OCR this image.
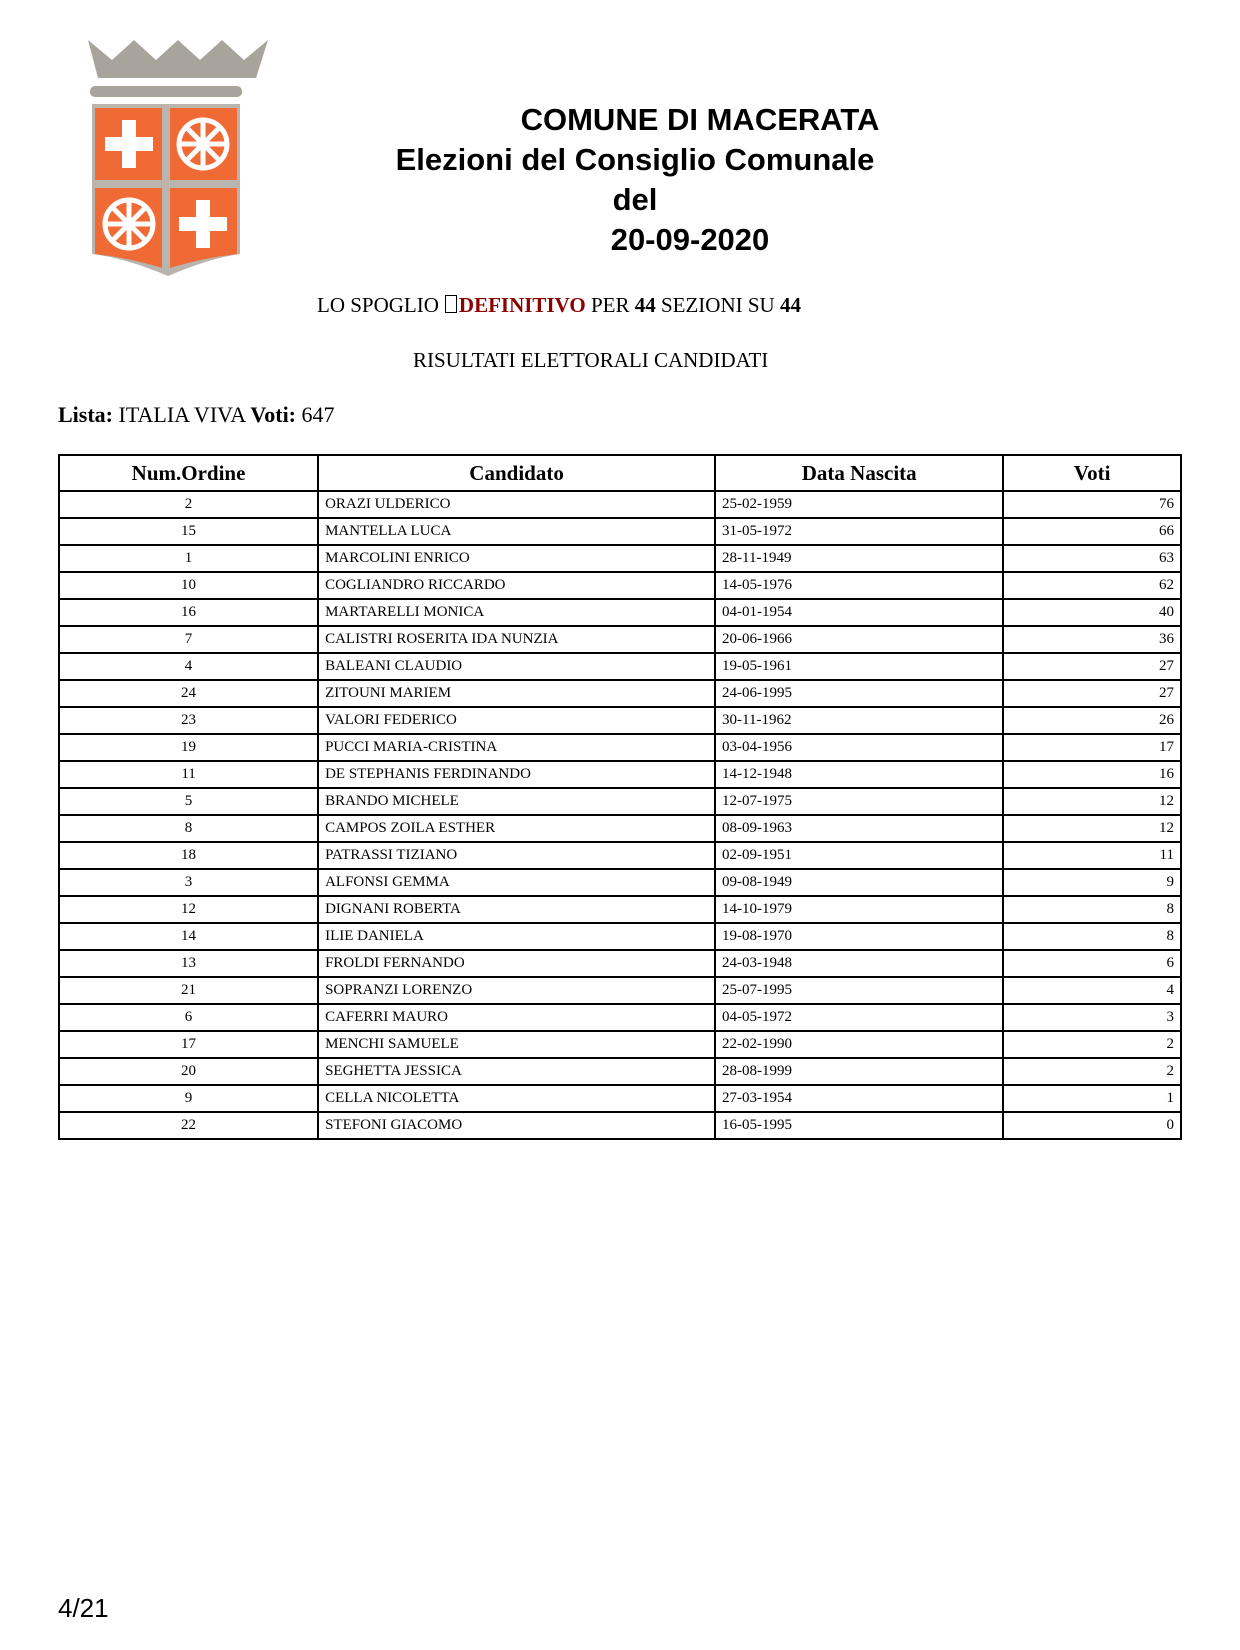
COMUNE DI MACERATA
Elezioni del Consiglio Comunale del
20-09-2020
LO SPOGLIO DEFINITIVO PER 44 SEZIONI SU 44
RISULTATI ELETTORALI CANDIDATI
Lista: ITALIA VIVA Voti: 647
Num.Ordine	Candidato	Data Nascita	Voti
2	ORAZI ULDERICO	25-02-1959	76
15	MANTELLA LUCA	31-05-1972	66
1	MARCOLINI ENRICO	28-11-1949	63
10	COGLIANDRO RICCARDO	14-05-1976	62
16	MARTARELLI MONICA	04-01-1954	40
7	CALISTRI ROSERITA IDA NUNZIA	20-06-1966	36
4	BALEANI CLAUDIO	19-05-1961	27
24	ZITOUNI MARIEM	24-06-1995	27
23	VALORI FEDERICO	30-11-1962	26
19	PUCCI MARIA-CRISTINA	03-04-1956	17
11	DE STEPHANIS FERDINANDO	14-12-1948	16
5	BRANDO MICHELE	12-07-1975	12
8	CAMPOS ZOILA ESTHER	08-09-1963	12
18	PATRASSI TIZIANO	02-09-1951	11
3	ALFONSI GEMMA	09-08-1949	9
12	DIGNANI ROBERTA	14-10-1979	8
14	ILIE DANIELA	19-08-1970	8
13	FROLDI FERNANDO	24-03-1948	6
21	SOPRANZI LORENZO	25-07-1995	4
6	CAFERRI MAURO	04-05-1972	3
17	MENCHI SAMUELE	22-02-1990	2
20	SEGHETTA JESSICA	28-08-1999	2
9	CELLA NICOLETTA	27-03-1954	1
22	STEFONI GIACOMO	16-05-1995	0
4/21
